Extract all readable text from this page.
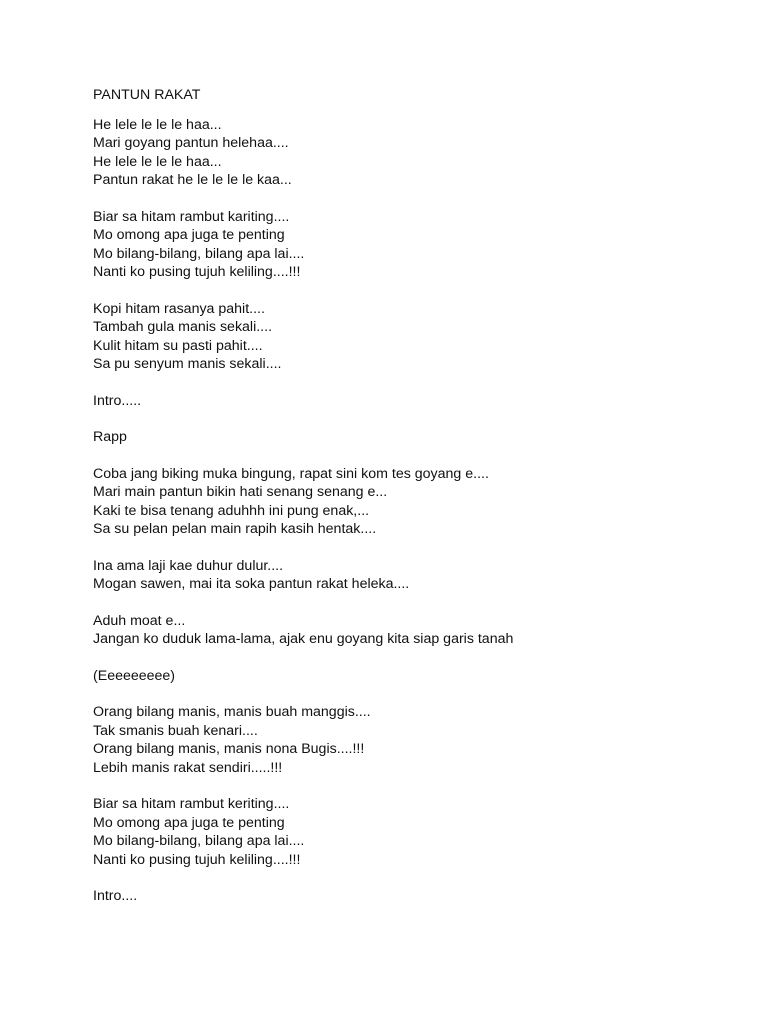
PANTUN RAKAT
He lele le le le haa...
Mari goyang pantun helehaa....
He lele le le le haa...
Pantun rakat he le le le le kaa...
Biar sa hitam rambut kariting....
Mo omong apa juga te penting
Mo bilang-bilang, bilang apa lai....
Nanti ko pusing tujuh keliling....!!!
Kopi hitam rasanya pahit....
Tambah gula manis sekali....
Kulit hitam su pasti pahit....
Sa pu senyum manis sekali....
Intro.....
Rapp
Coba jang biking muka bingung, rapat sini kom tes goyang e....
Mari main pantun bikin hati senang senang e...
Kaki te bisa tenang aduhhh ini pung enak,...
Sa su pelan pelan main rapih kasih hentak....
Ina ama laji kae duhur dulur....
Mogan sawen, mai ita soka pantun rakat heleka....
Aduh moat e...
Jangan ko duduk lama-lama, ajak enu goyang kita siap garis tanah
(Eeeeeeeee)
Orang bilang manis, manis buah manggis....
Tak smanis buah kenari....
Orang bilang manis, manis nona Bugis....!!!
Lebih manis rakat sendiri.....!!!
Biar sa hitam rambut keriting....
Mo omong apa juga te penting
Mo bilang-bilang, bilang apa lai....
Nanti ko pusing tujuh keliling....!!!
Intro....
